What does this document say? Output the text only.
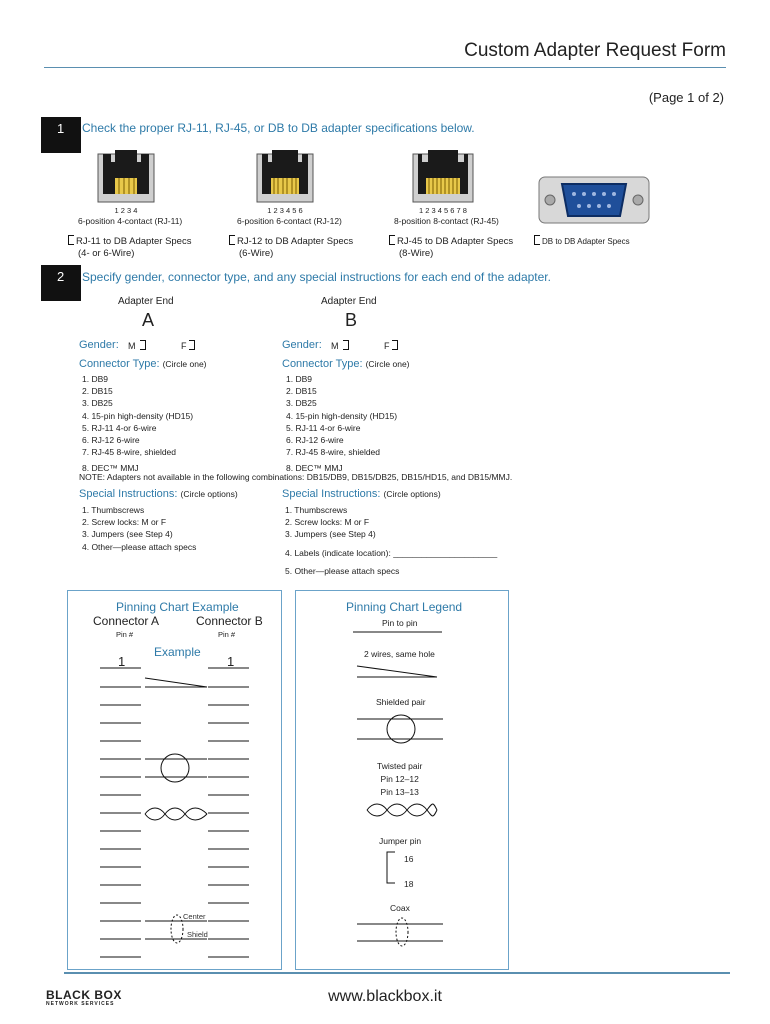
Custom Adapter Request Form
(Page 1 of 2)
1	Check the proper RJ-11, RJ-45, or DB to DB adapter specifications below.
1 2 3 4	1 2 3 4 5 6	1 2 3 4 5 6 7 8
6-position 4-contact (RJ-11)	6-position 6-contact (RJ-12)	8-position 8-contact (RJ-45)
RJ-11 to DB Adapter Specs
(4- or 6-Wire)
RJ-12 to DB Adapter Specs
(6-Wire)
RJ-45 to DB Adapter Specs
(8-Wire)
DB to DB Adapter Specs
2	Specify gender, connector type, and any special instructions for each end of the adapter.
Adapter End	Adapter End
A	B
Gender: M	F	Gender: M	F
Connector Type: (Circle one)	Connector Type: (Circle one)
1. DB9
2. DB15
3. DB25
4. 15-pin high-density (HD15)
5. RJ-11 4-or 6-wire
6. RJ-12 6-wire
7. RJ-45 8-wire, shielded
8. DEC™ MMJ
1. DB9
2. DB15
3. DB25
4. 15-pin high-density (HD15)
5. RJ-11 4-or 6-wire
6. RJ-12 6-wire
7. RJ-45 8-wire, shielded
8. DEC™ MMJ
NOTE: Adapters not available in the following combinations: DB15/DB9, DB15/DB25, DB15/HD15, and DB15/MMJ.
Special Instructions: (Circle options)	Special Instructions: (Circle options)
1. Thumbscrews
2. Screw locks: M or F
3. Jumpers (see Step 4)
4. Other—please attach specs
1. Thumbscrews
2. Screw locks: M or F
3. Jumpers (see Step 4)
4. Labels (indicate location): ______________________
5. Other—please attach specs
Pinning Chart Example
Connector A	Connector B
Pin #	Pin #
Example
1	1
Center
Shield
Pinning Chart Legend
Pin to pin
2 wires, same hole
Shielded pair
Twisted pair
Pin 12–12
Pin 13–13
Jumper pin
16
18
Coax
BLACK BOX
NETWORK SERVICES	www.blackbox.it
